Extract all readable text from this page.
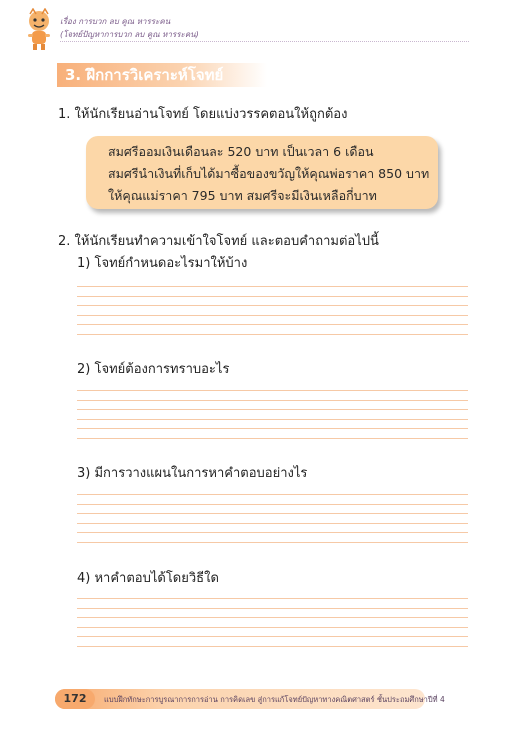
เรื่อง การบวก ลบ คูณ หารระคน
(โจทย์ปัญหาการบวก ลบ คูณ หารระคน)
3. ฝึกการวิเคราะห์โจทย์
1. ให้นักเรียนอ่านโจทย์ โดยแบ่งวรรคตอนให้ถูกต้อง
สมศรีออมเงินเดือนละ 520 บาท เป็นเวลา 6 เดือน
สมศรีนำเงินที่เก็บได้มาซื้อของขวัญให้คุณพ่อราคา 850 บาท
ให้คุณแม่ราคา 795 บาท สมศรีจะมีเงินเหลือกี่บาท
2. ให้นักเรียนทำความเข้าใจโจทย์ และตอบคำถามต่อไปนี้
1) โจทย์กำหนดอะไรมาให้บ้าง
2) โจทย์ต้องการทราบอะไร
3) มีการวางแผนในการหาคำตอบอย่างไร
4) หาคำตอบได้โดยวิธีใด
172	แบบฝึกทักษะการบูรณาการการอ่าน การคิดเลข สู่การแก้โจทย์ปัญหาทางคณิตศาสตร์ ชั้นประถมศึกษาปีที่ 4
